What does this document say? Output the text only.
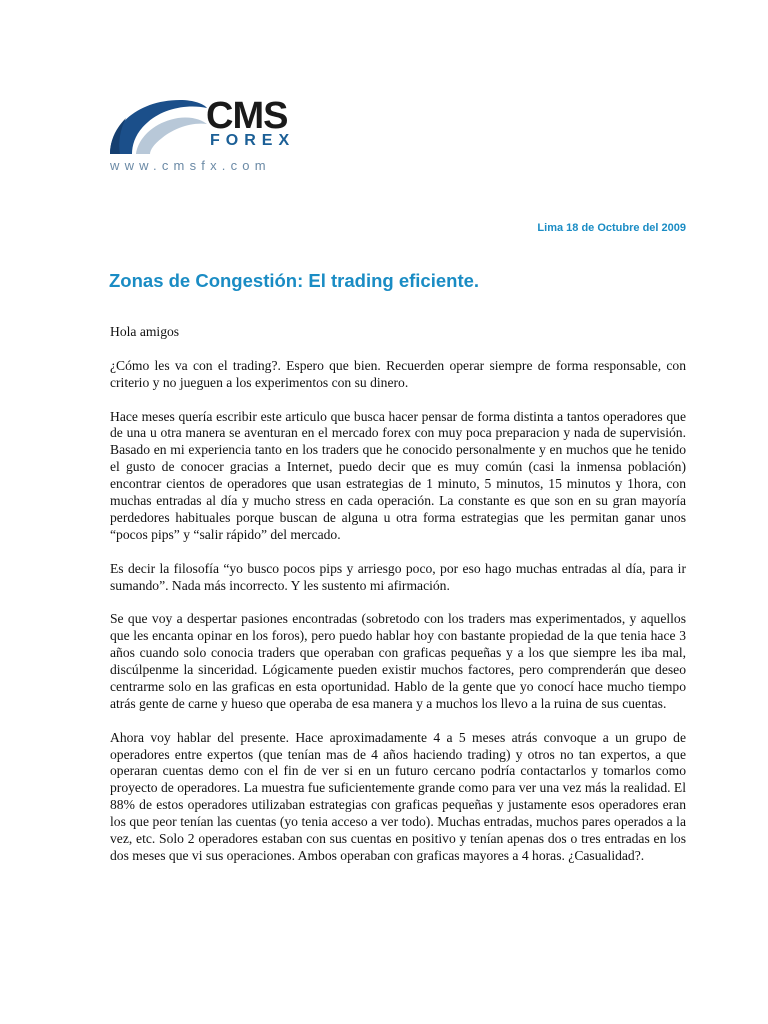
CMS
FOREX
www.cmsfx.com
Lima 18 de Octubre del 2009
Zonas de Congestión: El trading eficiente.

Hola amigos

¿Cómo les va con el trading?. Espero que bien. Recuerden operar siempre de forma responsable, con criterio y no jueguen a los experimentos con su dinero.

Hace meses quería escribir este articulo que busca hacer pensar de forma distinta a tantos operadores que de una u otra manera se aventuran en el mercado forex con muy poca preparacion y nada de supervisión. Basado en mi experiencia tanto en los traders que he conocido personalmente y en muchos que he tenido el gusto de conocer gracias a Internet, puedo decir que es muy común (casi la inmensa población) encontrar cientos de operadores que usan estrategias de 1 minuto, 5 minutos, 15 minutos y 1hora, con muchas entradas al día y mucho stress en cada operación. La constante es que son en su gran mayoría perdedores habituales porque buscan de alguna u otra forma estrategias que les permitan ganar unos “pocos pips” y “salir rápido” del mercado.

Es decir la filosofía “yo busco pocos pips y arriesgo poco, por eso hago muchas entradas al día, para ir sumando”. Nada más incorrecto. Y les sustento mi afirmación.

Se que voy a despertar pasiones encontradas (sobretodo con los traders mas experimentados, y aquellos que les encanta opinar en los foros), pero puedo hablar hoy con bastante propiedad de la que tenia hace 3 años cuando solo conocia traders que operaban con graficas pequeñas y a los que siempre les iba mal, discúlpenme la sinceridad. Lógicamente pueden existir muchos factores, pero comprenderán que deseo centrarme solo en las graficas en esta oportunidad. Hablo de la gente que yo conocí hace mucho tiempo atrás gente de carne y hueso que operaba de esa manera y a muchos los llevo a la ruina de sus cuentas.

Ahora voy hablar del presente. Hace aproximadamente 4 a 5 meses atrás convoque a un grupo de operadores entre expertos (que tenían mas de 4 años haciendo trading) y otros no tan expertos, a que operaran cuentas demo con el fin de ver si en un futuro cercano podría contactarlos y tomarlos como proyecto de operadores. La muestra fue suficientemente grande como para ver una vez más la realidad. El 88% de estos operadores utilizaban estrategias con graficas pequeñas y justamente esos operadores eran los que peor tenían las cuentas (yo tenia acceso a ver todo). Muchas entradas, muchos pares operados a la vez, etc. Solo 2 operadores estaban con sus cuentas en positivo y tenían apenas dos o tres entradas en los dos meses que vi sus operaciones. Ambos operaban con graficas mayores a 4 horas. ¿Casualidad?.
